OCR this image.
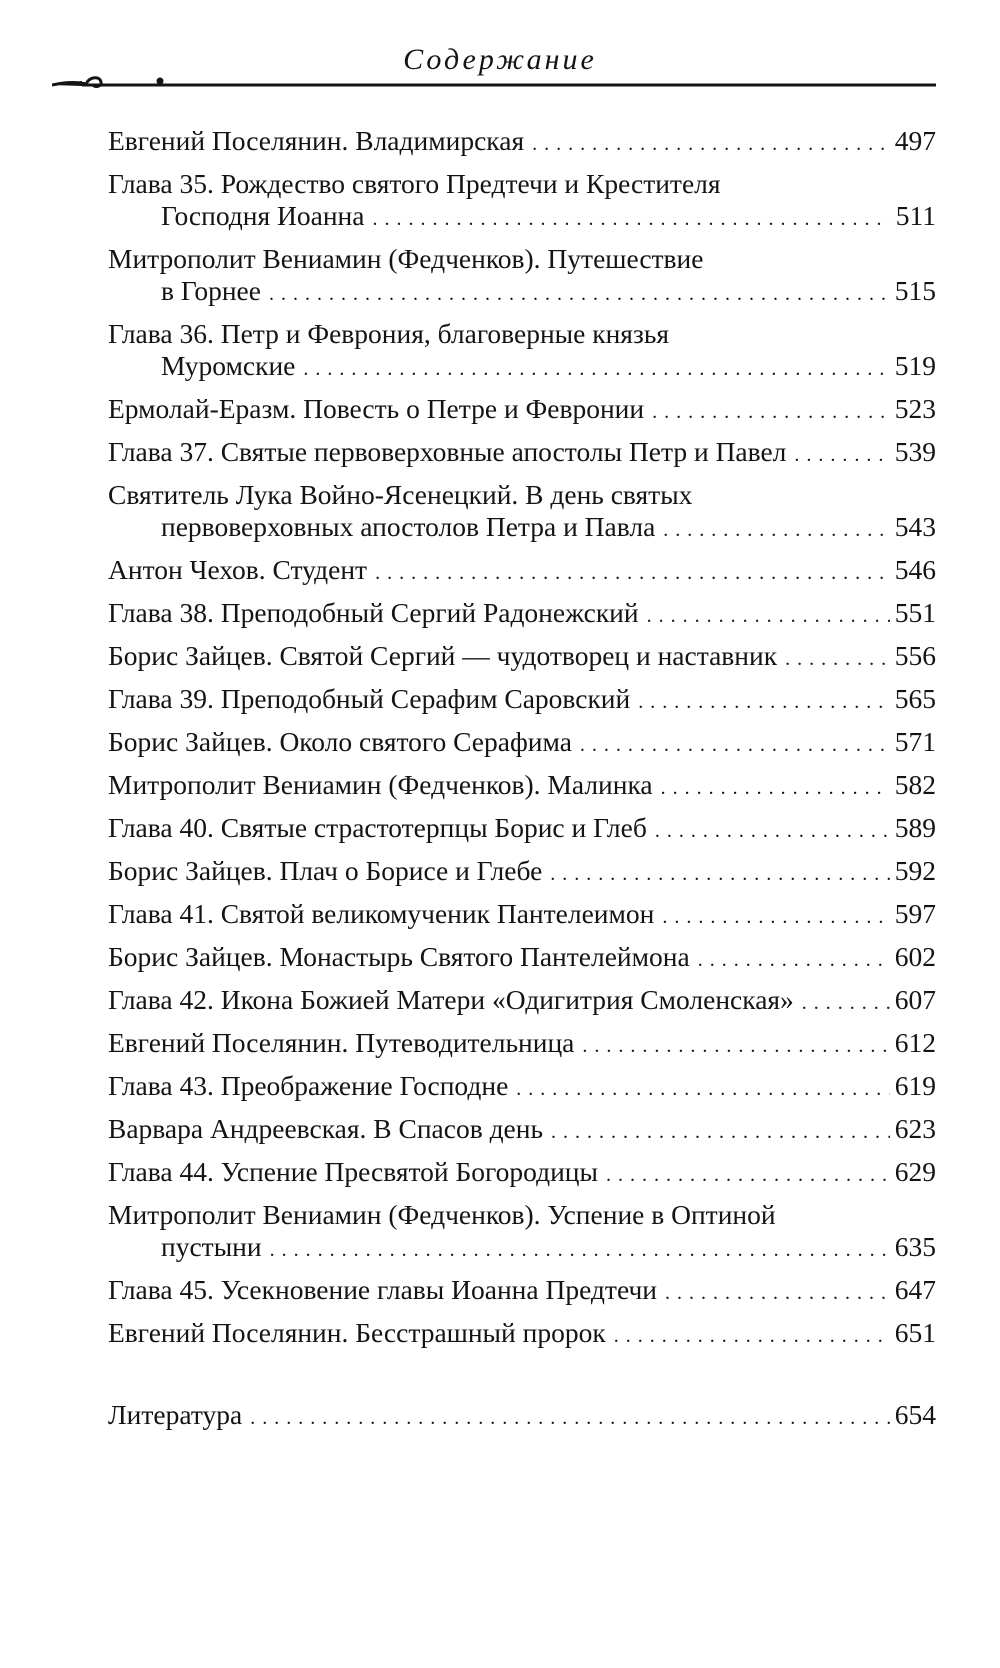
Содержание
Евгений Поселянин. Владимирская . . .	497
Глава 35. Рождество святого Предтечи и Крестителя
Господня Иоанна . . .	511
Митрополит Вениамин (Федченков). Путешествие
в Горнее . . .	515
Глава 36. Петр и Феврония, благоверные князья
Муромские . . .	519
Ермолай-Еразм. Повесть о Петре и Февронии . . .	523
Глава 37. Святые первоверховные апостолы Петр и Павел . . .	539
Святитель Лука Войно-Ясенецкий. В день святых
первоверховных апостолов Петра и Павла . . .	543
Антон Чехов. Студент . . .	546
Глава 38. Преподобный Сергий Радонежский . . .	551
Борис Зайцев. Святой Сергий — чудотворец и наставник . . .	556
Глава 39. Преподобный Серафим Саровский . . .	565
Борис Зайцев. Около святого Серафима . . .	571
Митрополит Вениамин (Федченков). Малинка . . .	582
Глава 40. Святые страстотерпцы Борис и Глеб . . .	589
Борис Зайцев. Плач о Борисе и Глебе . . .	592
Глава 41. Святой великомученик Пантелеимон . . .	597
Борис Зайцев. Монастырь Святого Пантелеймона . . .	602
Глава 42. Икона Божией Матери «Одигитрия Смоленская» . . .	607
Евгений Поселянин. Путеводительница . . .	612
Глава 43. Преображение Господне . . .	619
Варвара Андреевская. В Спасов день . . .	623
Глава 44. Успение Пресвятой Богородицы . . .	629
Митрополит Вениамин (Федченков). Успение в Оптиной
пустыни . . .	635
Глава 45. Усекновение главы Иоанна Предтечи . . .	647
Евгений Поселянин. Бесстрашный пророк . . .	651
Литература . . .	654
